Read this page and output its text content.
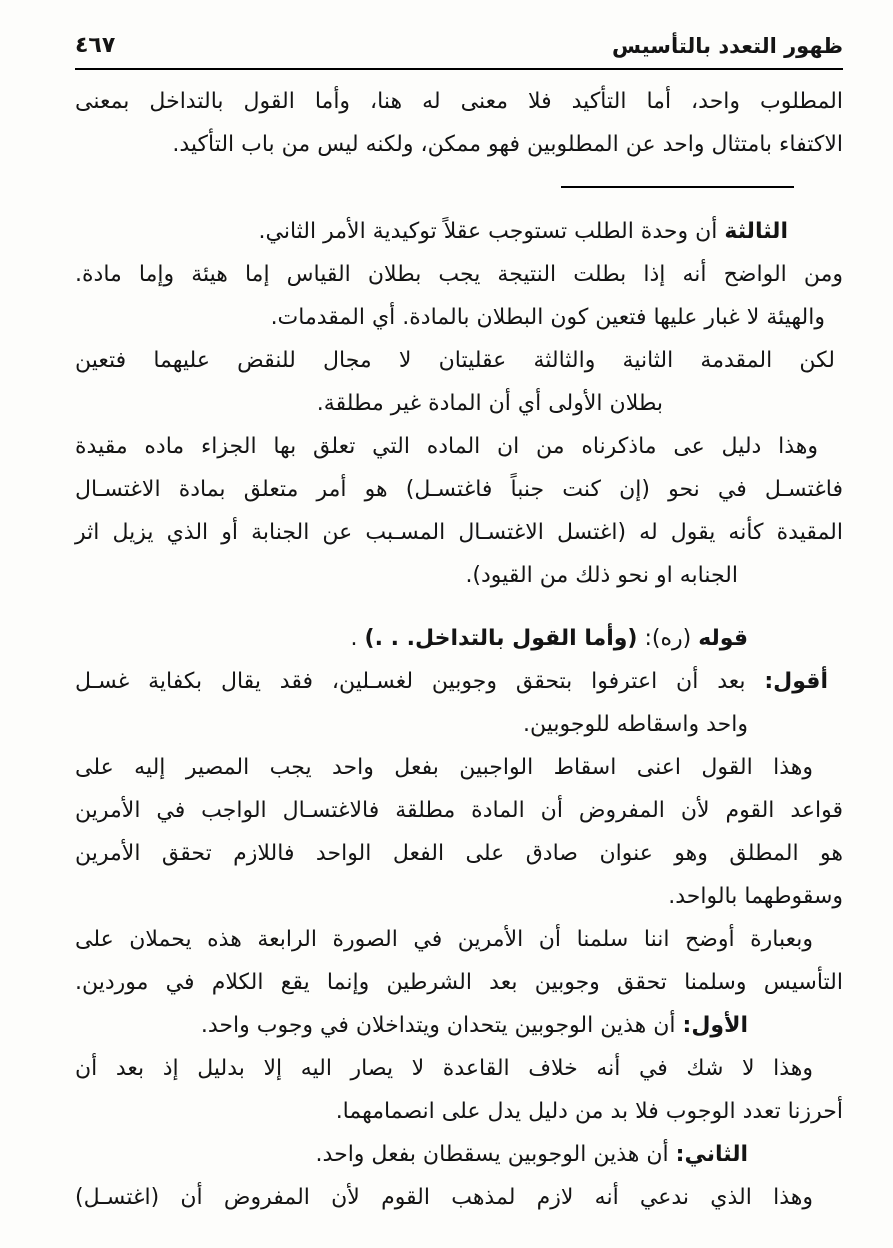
ظهور التعدد بالتأسيس
٤٦٧
المطلوب واحد، أما التأكيد فلا معنى له هنا، وأما القول بالتداخل بمعنى
الاكتفاء بامتثال واحد عن المطلوبين فهو ممكن، ولكنه ليس من باب التأكيد.
الثالثة أن وحدة الطلب تستوجب عقلاً توكيدية الأمر الثاني.
ومن الواضح أنه إذا بطلت النتيجة يجب بطلان القياس إما هيئة وإما مادة.
والهيئة لا غبار عليها فتعين كون البطلان بالمادة. أي المقدمات.
لكن المقدمة الثانية والثالثة عقليتان لا مجال للنقض عليهما فتعين
بطلان الأولى أي أن المادة غير مطلقة.
وهذا دليل عى ماذكرناه من ان الماده التي تعلق بها الجزاء ماده مقيدة
فاغتسـل في نحو (إن كنت جنباً فاغتسـل) هو أمر متعلق بمادة الاغتسـال
المقيدة كأنه يقول له (اغتسل الاغتسـال المسـبب عن الجنابة أو الذي يزيل اثر
الجنابه او نحو ذلك من القيود).
قوله (ره): (وأما القول بالتداخل. . .) .
أقول: بعد أن اعترفوا بتحقق وجوبين لغسـلين، فقد يقال بكفاية غسـل
واحد واسقاطه للوجوبين.
وهذا القول اعنى اسقاط الواجبين بفعل واحد يجب المصير إليه على
قواعد القوم لأن المفروض أن المادة مطلقة فالاغتسـال الواجب في الأمرين
هو المطلق وهو عنوان صادق على الفعل الواحد فاللازم تحقق الأمرين
وسقوطهما بالواحد.
وبعبارة أوضح اننا سلمنا أن الأمرين في الصورة الرابعة هذه يحملان على
التأسيس وسلمنا تحقق وجوبين بعد الشرطين وإنما يقع الكلام في موردين.
الأول: أن هذين الوجوبين يتحدان ويتداخلان في وجوب واحد.
وهذا لا شك في أنه خلاف القاعدة لا يصار اليه إلا بدليل إذ بعد أن
أحرزنا تعدد الوجوب فلا بد من دليل يدل على انصمامهما.
الثاني: أن هذين الوجوبين يسقطان بفعل واحد.
وهذا الذي ندعي أنه لازم لمذهب القوم لأن المفروض أن (اغتسـل)
